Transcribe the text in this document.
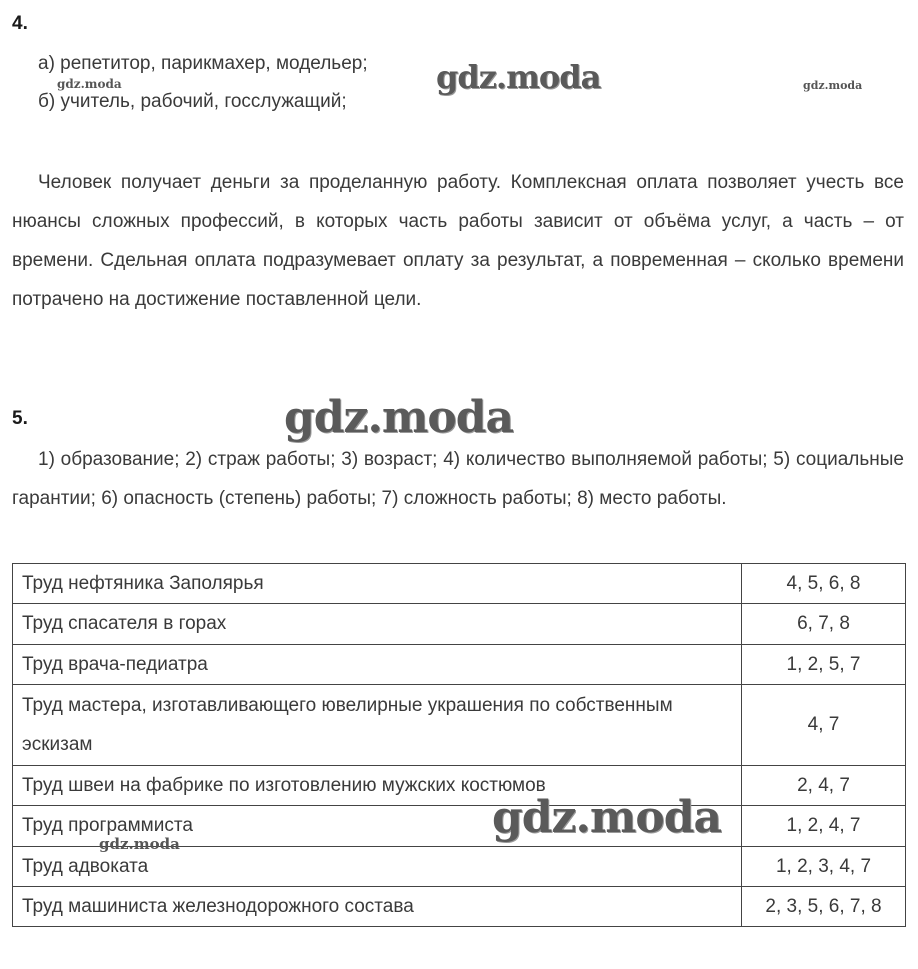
4.
а) репетитор, парикмахер, модельер;
б) учитель, рабочий, госслужащий;
Человек получает деньги за проделанную работу. Комплексная оплата позволяет учесть все нюансы сложных профессий, в которых часть работы зависит от объёма услуг, а часть – от времени. Сдельная оплата подразумевает оплату за результат, а повременная – сколько времени потрачено на достижение поставленной цели.
5.
1) образование; 2) страж работы; 3) возраст; 4) количество выполняемой работы; 5) социальные гарантии; 6) опасность (степень) работы; 7) сложность работы; 8) место работы.
Труд нефтяника Заполярья	4, 5, 6, 8
Труд спасателя в горах	6, 7, 8
Труд врача-педиатра	1, 2, 5, 7
Труд мастера, изготавливающего ювелирные украшения по собственным эскизам	4, 7
Труд швеи на фабрике по изготовлению мужских костюмов	2, 4, 7
Труд программиста	1, 2, 4, 7
Труд адвоката	1, 2, 3, 4, 7
Труд машиниста железнодорожного состава	2, 3, 5, 6, 7, 8
gdz.moda	gdz.moda	gdz.moda
gdz.moda
gdz.moda
gdz.moda
